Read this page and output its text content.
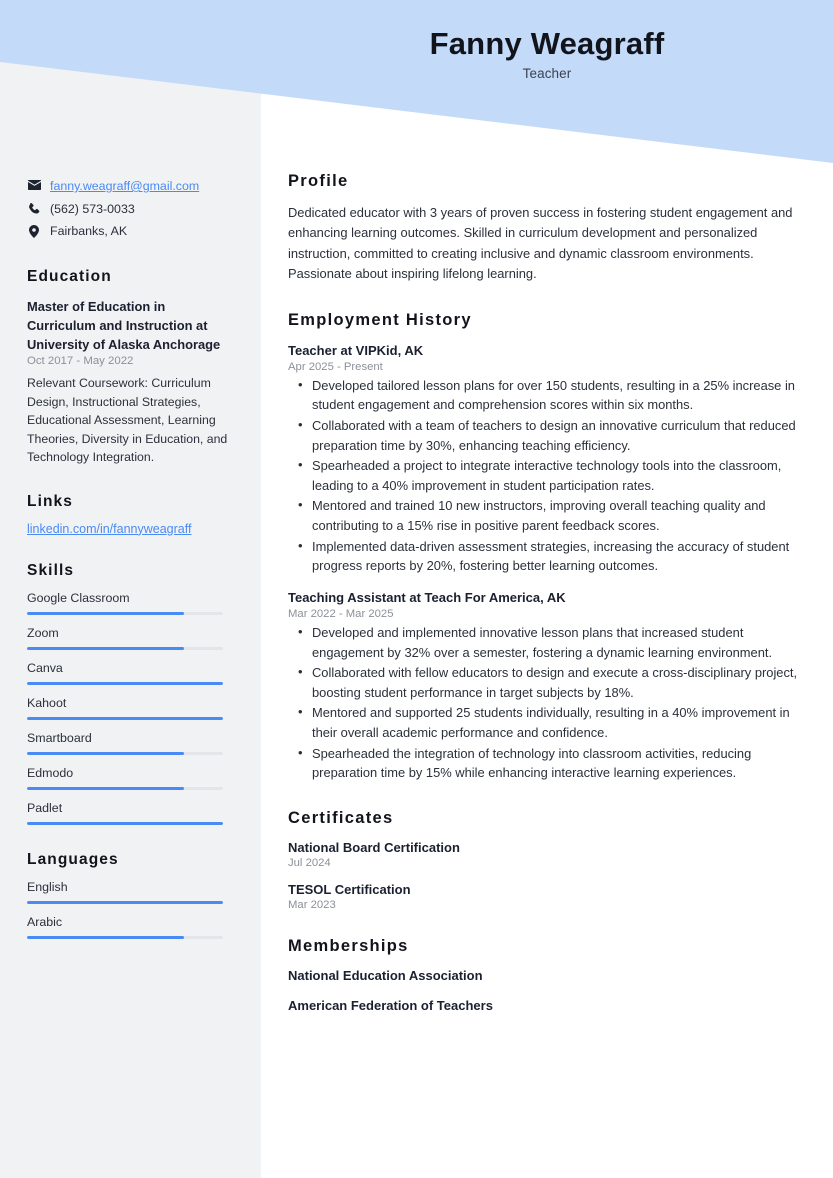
Fanny Weagraff
Teacher
fanny.weagraff@gmail.com
(562) 573-0033
Fairbanks, AK
Education
Master of Education in Curriculum and Instruction at University of Alaska Anchorage
Oct 2017 - May 2022
Relevant Coursework: Curriculum Design, Instructional Strategies, Educational Assessment, Learning Theories, Diversity in Education, and Technology Integration.
Links
linkedin.com/in/fannyweagraff
Skills
Google Classroom
Zoom
Canva
Kahoot
Smartboard
Edmodo
Padlet
Languages
English
Arabic
Profile
Dedicated educator with 3 years of proven success in fostering student engagement and enhancing learning outcomes. Skilled in curriculum development and personalized instruction, committed to creating inclusive and dynamic classroom environments. Passionate about inspiring lifelong learning.
Employment History
Teacher at VIPKid, AK
Apr 2025 - Present
• Developed tailored lesson plans for over 150 students, resulting in a 25% increase in student engagement and comprehension scores within six months.
• Collaborated with a team of teachers to design an innovative curriculum that reduced preparation time by 30%, enhancing teaching efficiency.
• Spearheaded a project to integrate interactive technology tools into the classroom, leading to a 40% improvement in student participation rates.
• Mentored and trained 10 new instructors, improving overall teaching quality and contributing to a 15% rise in positive parent feedback scores.
• Implemented data-driven assessment strategies, increasing the accuracy of student progress reports by 20%, fostering better learning outcomes.
Teaching Assistant at Teach For America, AK
Mar 2022 - Mar 2025
• Developed and implemented innovative lesson plans that increased student engagement by 32% over a semester, fostering a dynamic learning environment.
• Collaborated with fellow educators to design and execute a cross-disciplinary project, boosting student performance in target subjects by 18%.
• Mentored and supported 25 students individually, resulting in a 40% improvement in their overall academic performance and confidence.
• Spearheaded the integration of technology into classroom activities, reducing preparation time by 15% while enhancing interactive learning experiences.
Certificates
National Board Certification
Jul 2024
TESOL Certification
Mar 2023
Memberships
National Education Association
American Federation of Teachers
